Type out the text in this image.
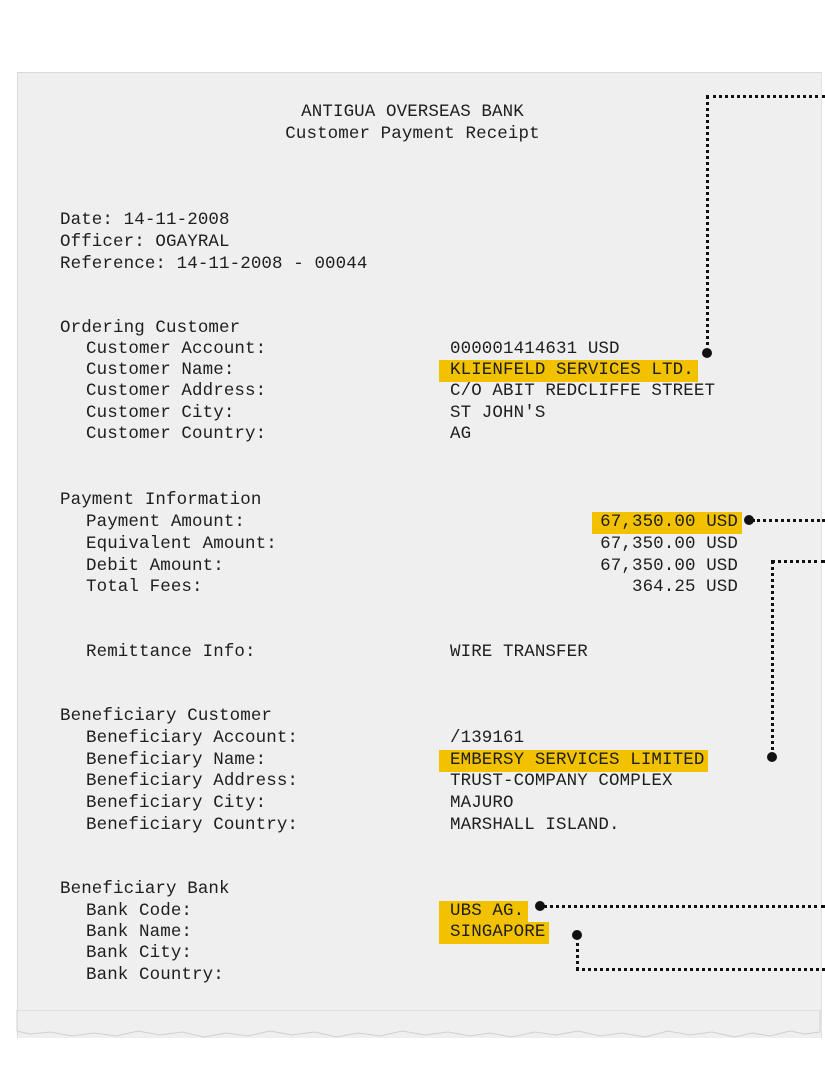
ANTIGUA OVERSEAS BANK
Customer Payment Receipt
Date: 14-11-2008
Officer: OGAYRAL
Reference: 14-11-2008 - 00044
Ordering Customer
Customer Account:	000001414631 USD
Customer Name:	KLIENFELD SERVICES LTD.
Customer Address:	C/O ABIT REDCLIFFE STREET
Customer City:	ST JOHN'S
Customer Country:	AG
Payment Information
Payment Amount:	67,350.00 USD
Equivalent Amount:	67,350.00 USD
Debit Amount:	67,350.00 USD
Total Fees:	364.25 USD
Remittance Info:	WIRE TRANSFER
Beneficiary Customer
Beneficiary Account:	/139161
Beneficiary Name:	EMBERSY SERVICES LIMITED
Beneficiary Address:	TRUST-COMPANY COMPLEX
Beneficiary City:	MAJURO
Beneficiary Country:	MARSHALL ISLAND.
Beneficiary Bank
Bank Code:	UBS AG.
Bank Name:	SINGAPORE
Bank City:
Bank Country:
